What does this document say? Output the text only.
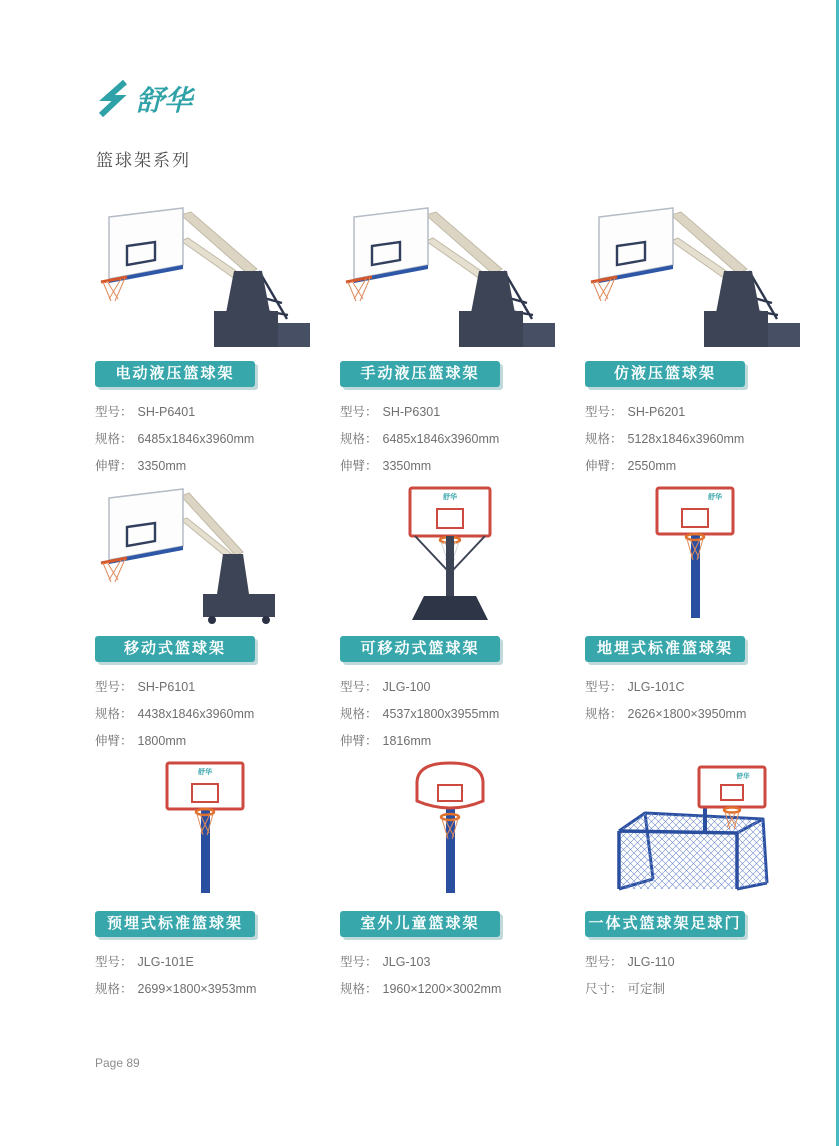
舒华
篮球架系列
电动液压篮球架
型号： SH-P6401
规格： 6485x1846x3960mm
伸臂： 3350mm
手动液压篮球架
型号： SH-P6301
规格： 6485x1846x3960mm
伸臂： 3350mm
仿液压篮球架
型号： SH-P6201
规格： 5128x1846x3960mm
伸臂： 2550mm
移动式篮球架
型号： SH-P6101
规格： 4438x1846x3960mm
伸臂： 1800mm
舒华
可移动式篮球架
型号： JLG-100
规格： 4537x1800x3955mm
伸臂： 1816mm
舒华
地埋式标准篮球架
型号： JLG-101C
规格： 2626×1800×3950mm
舒华
预埋式标准篮球架
型号： JLG-101E
规格： 2699×1800×3953mm
室外儿童篮球架
型号： JLG-103
规格： 1960×1200×3002mm
舒华
一体式篮球架足球门
型号： JLG-110
尺寸： 可定制
Page 89
